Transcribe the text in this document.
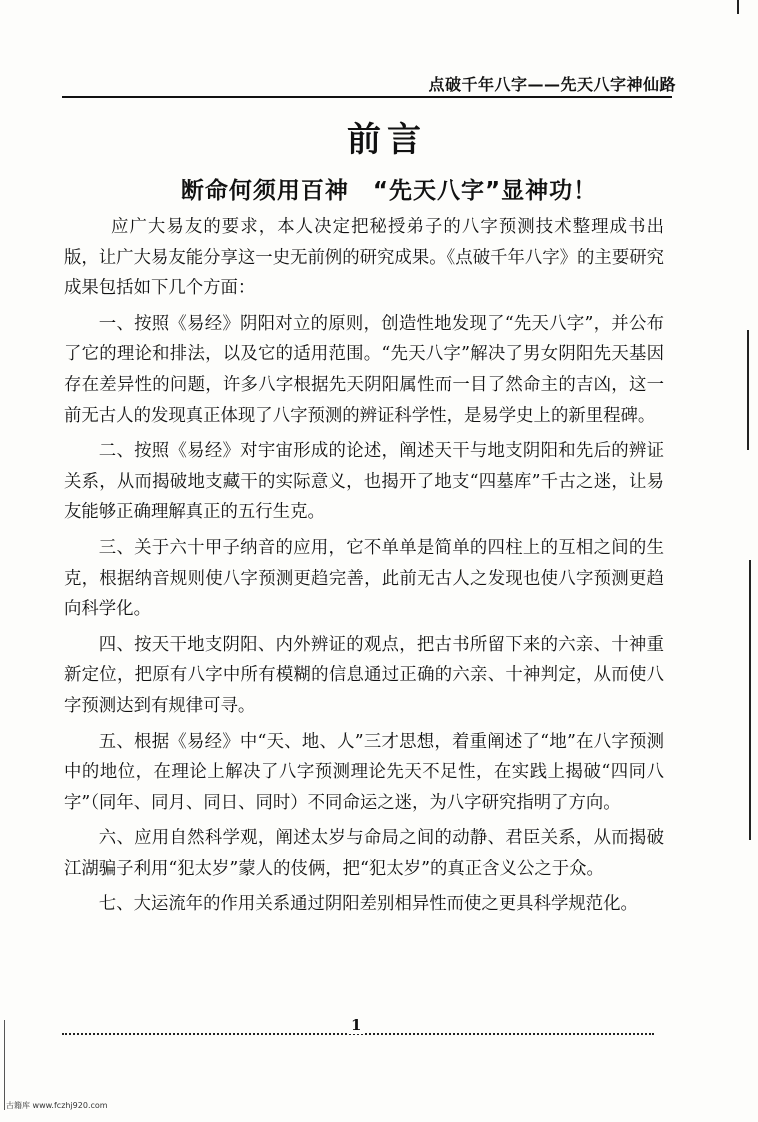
点破千年八字——先天八字神仙路
前言
断命何须用百神　“先天八字”显神功！

应广大易友的要求，本人决定把秘授弟子的八字预测技术整理成书出版，让广大易友能分享这一史无前例的研究成果。《点破千年八字》的主要研究成果包括如下几个方面：

一、按照《易经》阴阳对立的原则，创造性地发现了“先天八字”，并公布了它的理论和排法，以及它的适用范围。“先天八字”解决了男女阴阳先天基因存在差异性的问题，许多八字根据先天阴阳属性而一目了然命主的吉凶，这一前无古人的发现真正体现了八字预测的辨证科学性，是易学史上的新里程碑。

二、按照《易经》对宇宙形成的论述，阐述天干与地支阴阳和先后的辨证关系，从而揭破地支藏干的实际意义，也揭开了地支“四墓库”千古之迷，让易友能够正确理解真正的五行生克。

三、关于六十甲子纳音的应用，它不单单是简单的四柱上的互相之间的生克，根据纳音规则使八字预测更趋完善，此前无古人之发现也使八字预测更趋向科学化。

四、按天干地支阴阳、内外辨证的观点，把古书所留下来的六亲、十神重新定位，把原有八字中所有模糊的信息通过正确的六亲、十神判定，从而使八字预测达到有规律可寻。

五、根据《易经》中“天、地、人”三才思想，着重阐述了“地”在八字预测中的地位，在理论上解决了八字预测理论先天不足性，在实践上揭破“四同八字”（同年、同月、同日、同时）不同命运之迷，为八字研究指明了方向。

六、应用自然科学观，阐述太岁与命局之间的动静、君臣关系，从而揭破江湖骗子利用“犯太岁”蒙人的伎俩，把“犯太岁”的真正含义公之于众。

七、大运流年的作用关系通过阴阳差别相异性而使之更具科学规范化。

1
古籍库 www.fczhj920.com
